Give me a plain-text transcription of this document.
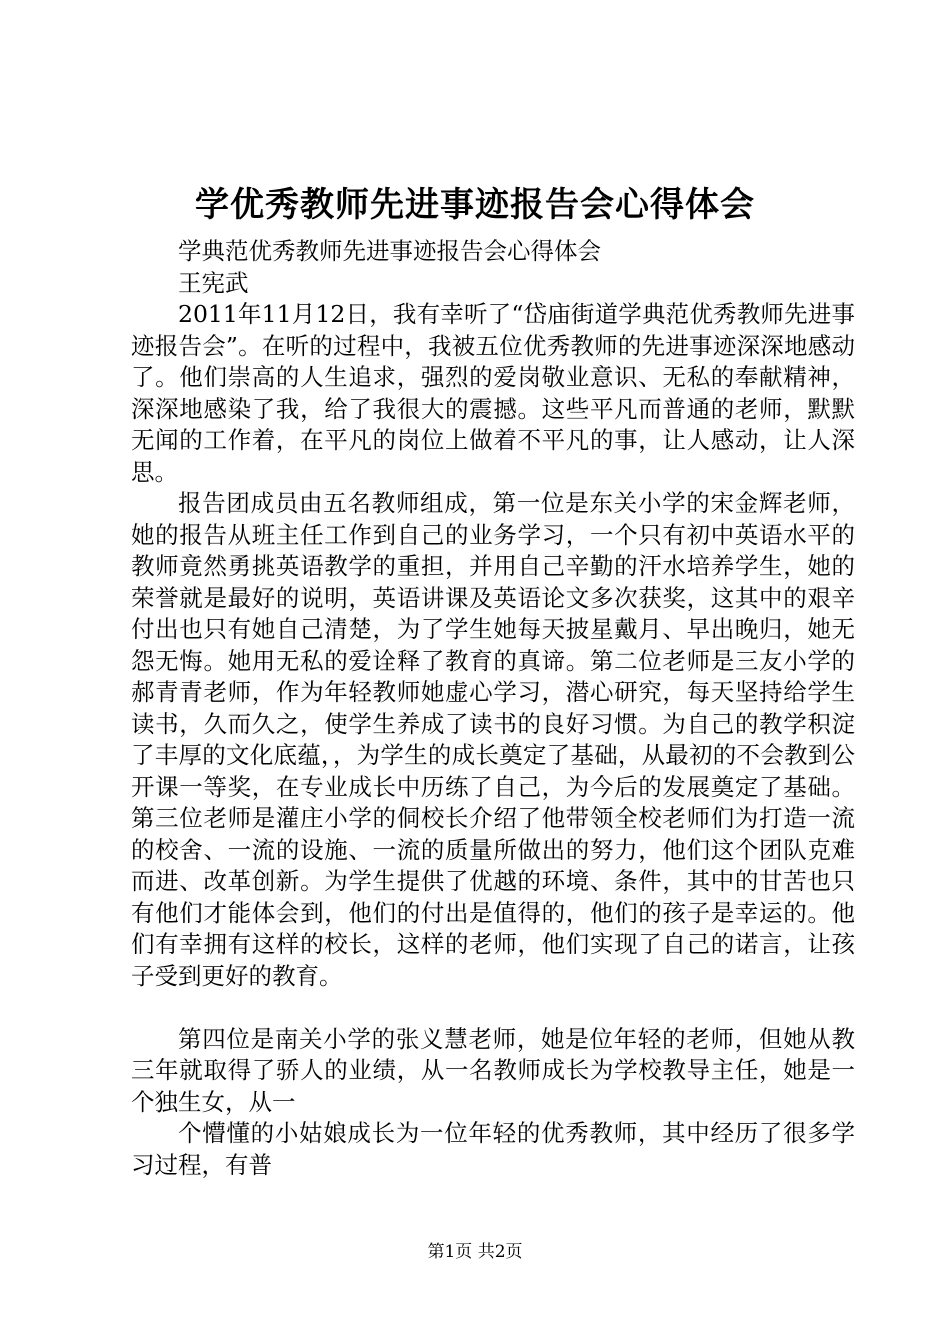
学优秀教师先进事迹报告会心得体会

学典范优秀教师先进事迹报告会心得体会

王宪武

2011年11月12日，我有幸听了“岱庙街道学典范优秀教师先进事迹报告会”。在听的过程中，我被五位优秀教师的先进事迹深深地感动了。他们崇高的人生追求，强烈的爱岗敬业意识、无私的奉献精神，深深地感染了我，给了我很大的震撼。这些平凡而普通的老师，默默无闻的工作着，在平凡的岗位上做着不平凡的事，让人感动，让人深思。

报告团成员由五名教师组成，第一位是东关小学的宋金辉老师，她的报告从班主任工作到自己的业务学习，一个只有初中英语水平的教师竟然勇挑英语教学的重担，并用自己辛勤的汗水培养学生，她的荣誉就是最好的说明，英语讲课及英语论文多次获奖，这其中的艰辛付出也只有她自己清楚，为了学生她每天披星戴月、早出晚归，她无怨无悔。她用无私的爱诠释了教育的真谛。第二位老师是三友小学的郝青青老师，作为年轻教师她虚心学习，潜心研究，每天坚持给学生读书，久而久之，使学生养成了读书的良好习惯。为自己的教学积淀了丰厚的文化底蕴，，为学生的成长奠定了基础，从最初的不会教到公开课一等奖，在专业成长中历练了自己，为今后的发展奠定了基础。第三位老师是灌庄小学的侗校长介绍了他带领全校老师们为打造一流的校舍、一流的设施、一流的质量所做出的努力，他们这个团队克难而进、改革创新。为学生提供了优越的环境、条件，其中的甘苦也只有他们才能体会到，他们的付出是值得的，他们的孩子是幸运的。他们有幸拥有这样的校长，这样的老师，他们实现了自己的诺言，让孩子受到更好的教育。

第四位是南关小学的张义慧老师，她是位年轻的老师，但她从教三年就取得了骄人的业绩，从一名教师成长为学校教导主任，她是一个独生女，从一

个懵懂的小姑娘成长为一位年轻的优秀教师，其中经历了很多学习过程，有普

第1页 共2页
